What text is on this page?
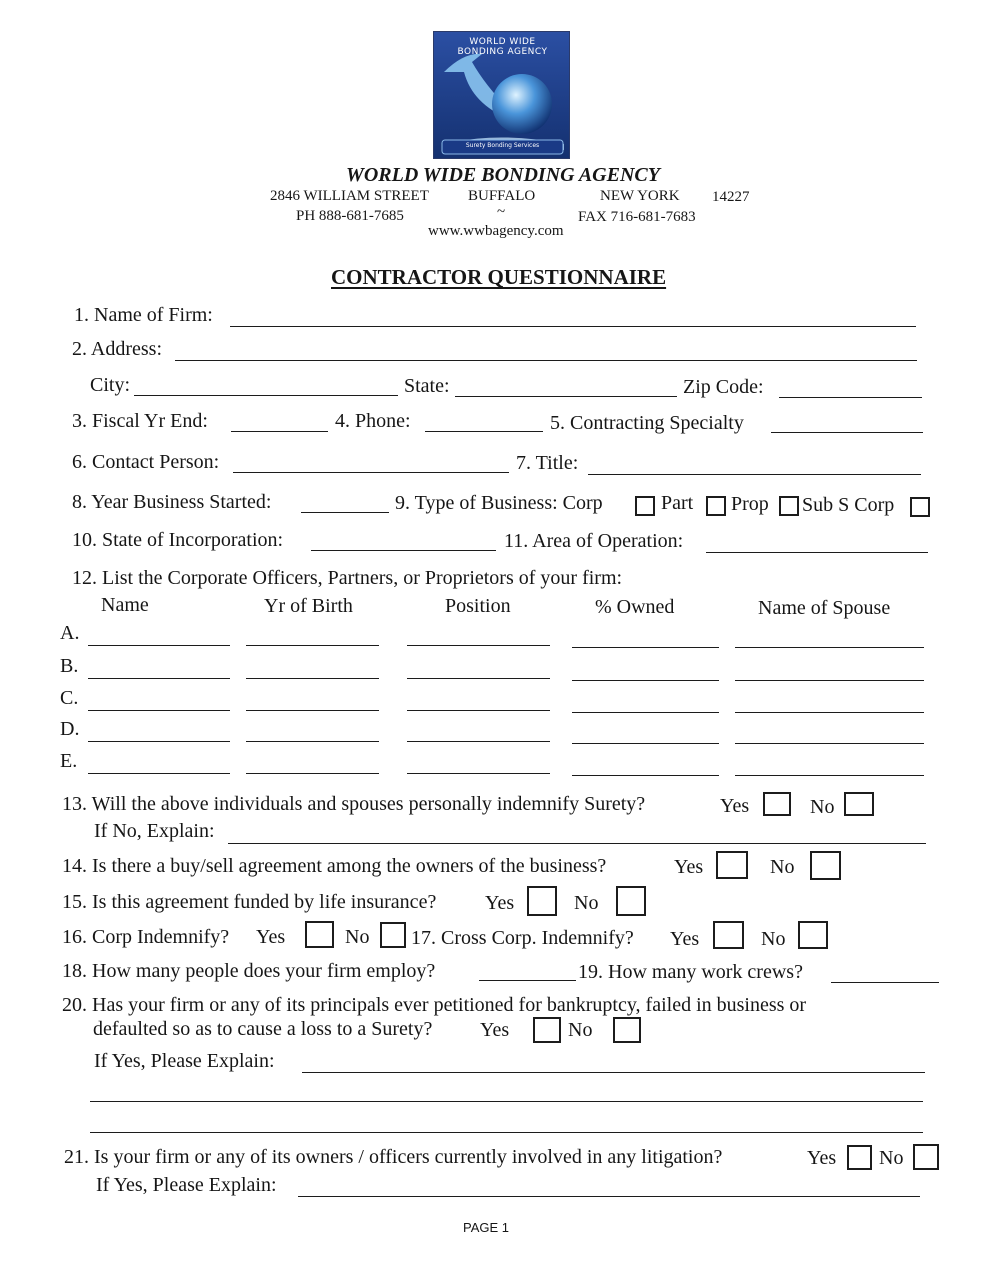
WORLD WIDE
BONDING AGENCY
Surety Bonding Services
WORLD WIDE BONDING AGENCY
2846 WILLIAM STREET	BUFFALO	NEW YORK 14227
PH 888-681-7685	~	FAX 716-681-7683
www.wwbagency.com
CONTRACTOR QUESTIONNAIRE
1. Name of Firm:
2. Address:
City:	State:	Zip Code:
3. Fiscal Yr End:	4. Phone:	5. Contracting Specialty
6. Contact Person:	7. Title:
8. Year Business Started:	9. Type of Business: Corp	Part Prop Sub S Corp
10. State of Incorporation:	11. Area of Operation:
12. List the Corporate Officers, Partners, or Proprietors of your firm:
Name	Yr of Birth	Position	% Owned	Name of Spouse
A.
B.
C.
D.
E.
13. Will the above individuals and spouses personally indemnify Surety?	Yes	No
If No, Explain:
14. Is there a buy/sell agreement among the owners of the business?	Yes	No
15. Is this agreement funded by life insurance? Yes	No
16. Corp Indemnify? Yes	No 17. Cross Corp. Indemnify? Yes	No
18. How many people does your firm employ?	19. How many work crews?
20. Has your firm or any of its principals ever petitioned for bankruptcy, failed in business or
defaulted so as to cause a loss to a Surety? Yes	No
If Yes, Please Explain:
21. Is your firm or any of its owners / officers currently involved in any litigation?	Yes No
If Yes, Please Explain:
PAGE 1
